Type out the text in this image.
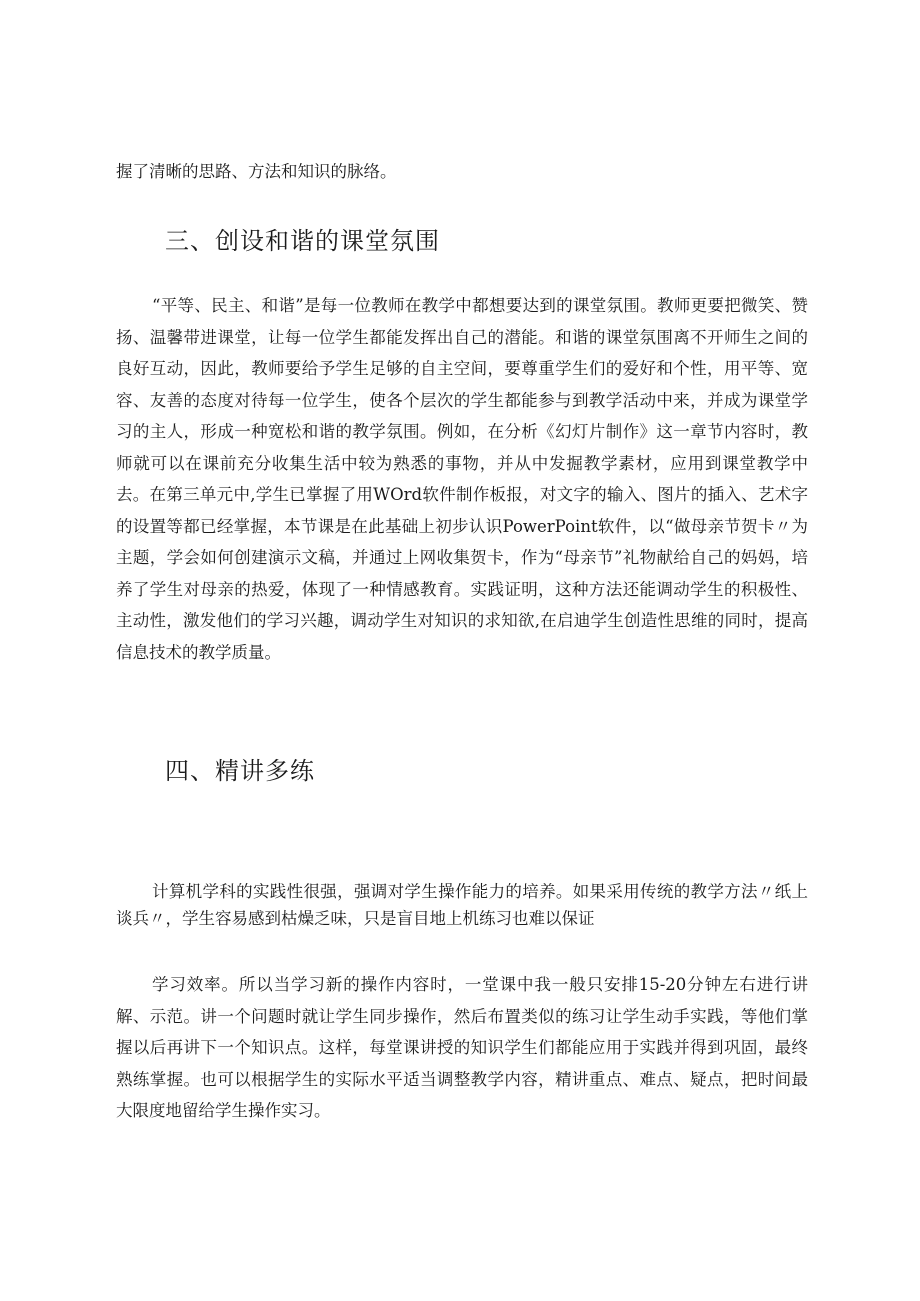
握了清晰的思路、方法和知识的脉络。

三、创设和谐的课堂氛围

“平等、民主、和谐”是每一位教师在教学中都想要达到的课堂氛围。教师更要把微笑、赞扬、温馨带进课堂，让每一位学生都能发挥出自己的潜能。和谐的课堂氛围离不开师生之间的良好互动，因此，教师要给予学生足够的自主空间，要尊重学生们的爱好和个性，用平等、宽容、友善的态度对待每一位学生，使各个层次的学生都能参与到教学活动中来，并成为课堂学习的主人，形成一种宽松和谐的教学氛围。例如，在分析《幻灯片制作》这一章节内容时，教师就可以在课前充分收集生活中较为熟悉的事物，并从中发掘教学素材，应用到课堂教学中去。在第三单元中,学生已掌握了用WOrd软件制作板报，对文字的输入、图片的插入、艺术字的设置等都已经掌握，本节课是在此基础上初步认识PowerPoint软件，以“做母亲节贺卡〃为主题，学会如何创建演示文稿，并通过上网收集贺卡，作为“母亲节”礼物献给自己的妈妈，培养了学生对母亲的热爱，体现了一种情感教育。实践证明，这种方法还能调动学生的积极性、主动性，激发他们的学习兴趣，调动学生对知识的求知欲,在启迪学生创造性思维的同时，提高信息技术的教学质量。

四、精讲多练

计算机学科的实践性很强，强调对学生操作能力的培养。如果采用传统的教学方法〃纸上谈兵〃，学生容易感到枯燥乏味，只是盲目地上机练习也难以保证

学习效率。所以当学习新的操作内容时，一堂课中我一般只安排15-20分钟左右进行讲解、示范。讲一个问题时就让学生同步操作，然后布置类似的练习让学生动手实践，等他们掌握以后再讲下一个知识点。这样，每堂课讲授的知识学生们都能应用于实践并得到巩固，最终熟练掌握。也可以根据学生的实际水平适当调整教学内容，精讲重点、难点、疑点，把时间最大限度地留给学生操作实习。
